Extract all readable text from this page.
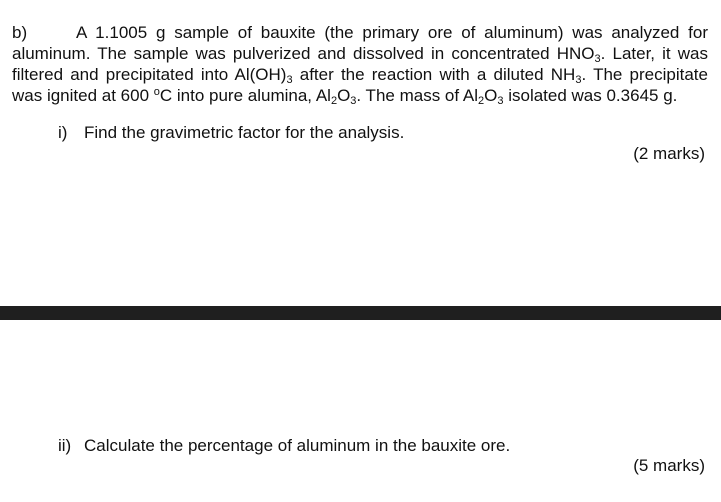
b)	A 1.1005 g sample of bauxite (the primary ore of aluminum) was analyzed for aluminum. The sample was pulverized and dissolved in concentrated $HNO_3$. Later, it was filtered and precipitated into $Al(OH)_3$ after the reaction with a diluted $NH_3$. The precipitate was ignited at 600 $^o$C into pure alumina, $Al_2O_3$. The mass of $Al_2O_3$ isolated was 0.3645 g.
i) Find the gravimetric factor for the analysis.
(2 marks)
ii) Calculate the percentage of aluminum in the bauxite ore.
(5 marks)
